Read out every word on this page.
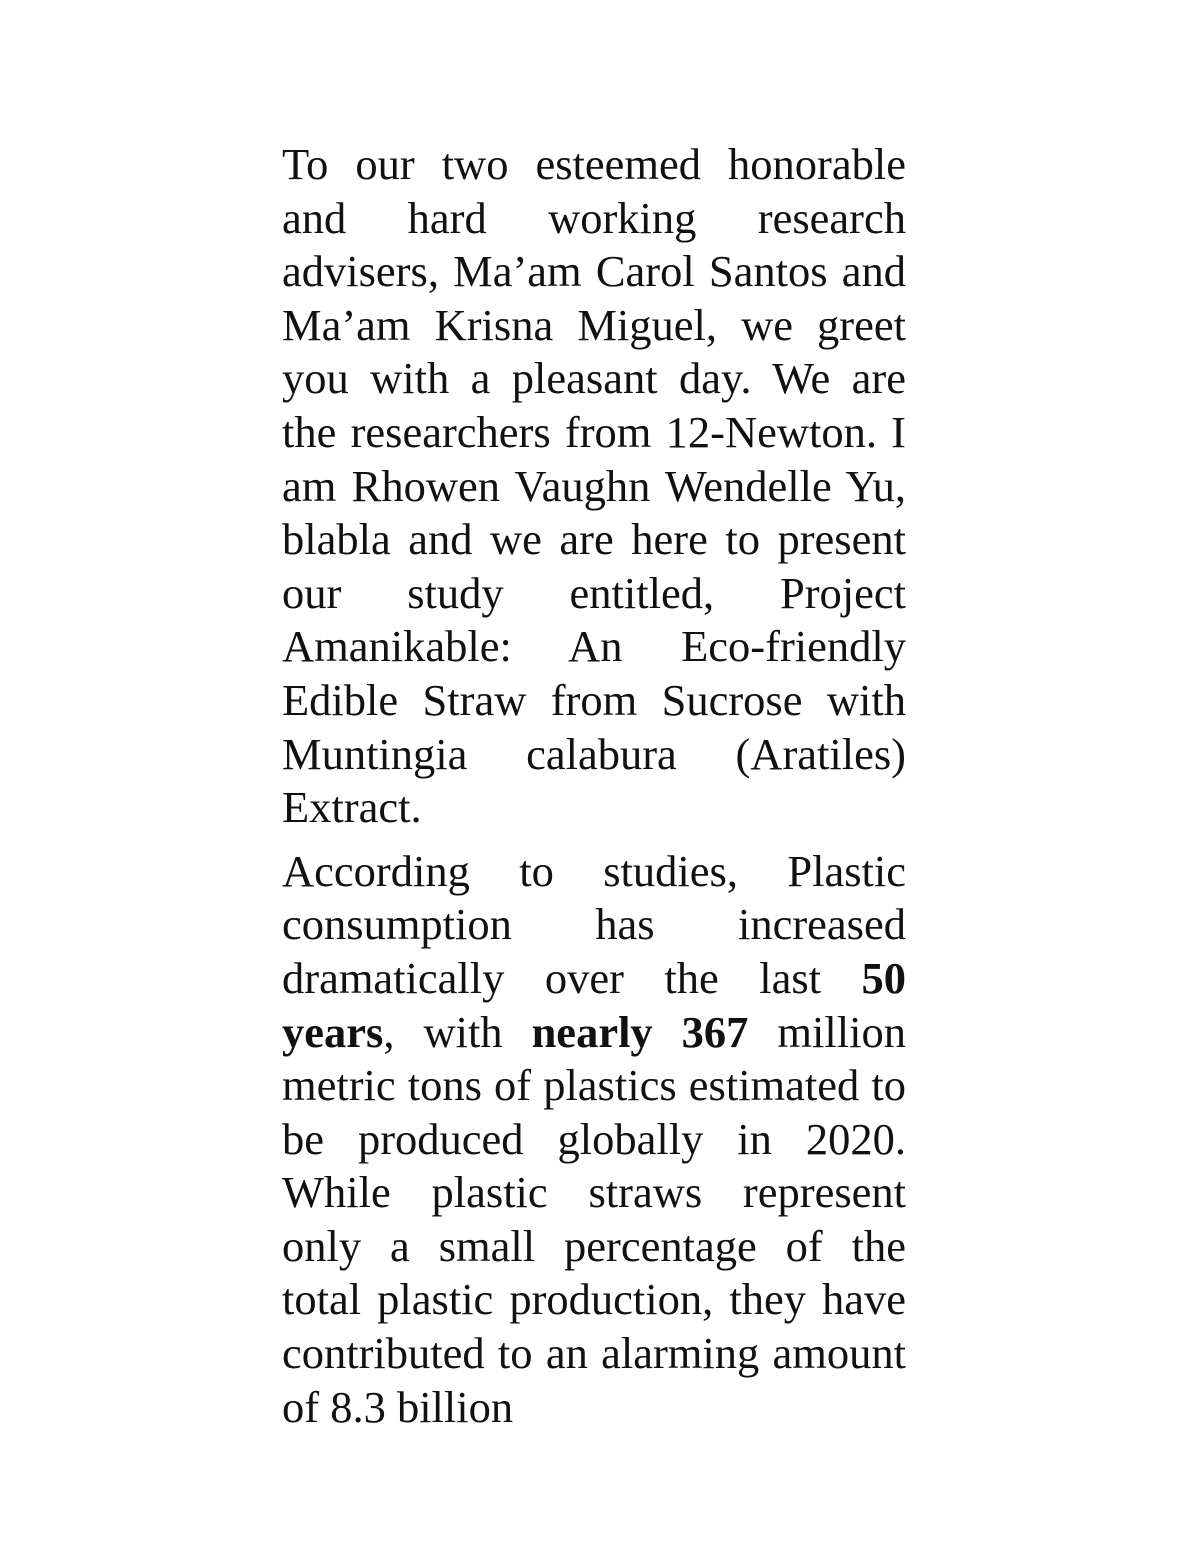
To our two esteemed honorable and hard working research advisers, Ma’am Carol Santos and Ma’am Krisna Miguel, we greet you with a pleasant day. We are the researchers from 12-Newton. I am Rhowen Vaughn Wendelle Yu, blabla and we are here to present our study entitled, Project Amanikable: An Eco-friendly Edible Straw from Sucrose with Muntingia calabura (Aratiles) Extract.

According to studies, Plastic consumption has increased dramatically over the last 50 years, with nearly 367 million metric tons of plastics estimated to be produced globally in 2020. While plastic straws represent only a small percentage of the total plastic production, they have contributed to an alarming amount of 8.3 billion
